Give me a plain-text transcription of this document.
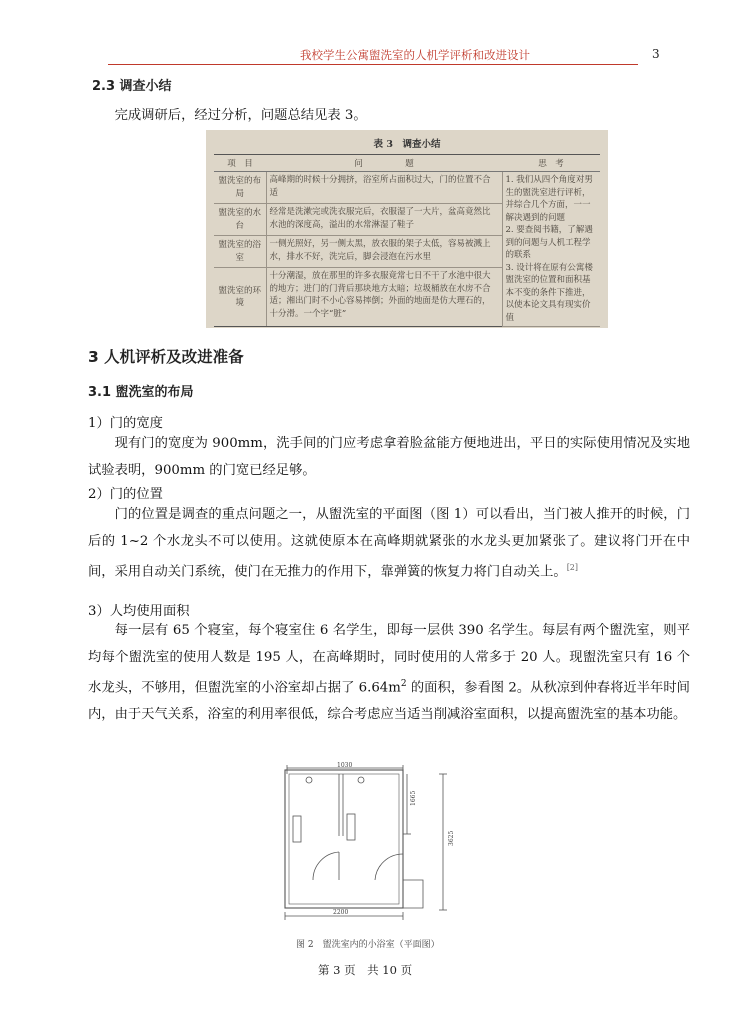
我校学生公寓盥洗室的人机学评析和改进设计	3
2.3 调查小结
完成调研后，经过分析，问题总结见表 3。
表 3　调查小结
项　目	问　　　　　题	思　考
盥洗室的布局	高峰期的时候十分拥挤，浴室所占面积过大，门的位置不合适	1. 我们从四个角度对男生的盥洗室进行评析，并综合几个方面，一一解决遇到的问题
2. 要查阅书籍，了解遇到的问题与人机工程学的联系
3. 设计将在原有公寓楼盥洗室的位置和面积基本不变的条件下推进，以使本论文具有现实价值
盥洗室的水台	经常是洗漱完或洗衣服完后，衣服湿了一大片，盆高竟然比水池的深度高，溢出的水常淋湿了鞋子	
盥洗室的浴室	一侧光照好，另一侧太黑，放衣服的架子太低，容易被溅上水，排水不好，洗完后，脚会浸泡在污水里	
盥洗室的环境	十分潮湿，放在那里的许多衣服竟常七日不干了水池中很大的地方；进门的门背后那块地方太暗；垃圾桶放在水房不合适；湘出门时不小心容易摔倒；外面的地面是仿大理石的，十分滑。一个字“脏”	
3 人机评析及改进准备
3.1 盥洗室的布局
1）门的宽度
现有门的宽度为 900mm，洗手间的门应考虑拿着脸盆能方便地进出，平日的实际使用情况及实地试验表明，900mm 的门宽已经足够。
2）门的位置
门的位置是调查的重点问题之一，从盥洗室的平面图（图 1）可以看出，当门被人推开的时候，门后的 1~2 个水龙头不可以使用。这就使原本在高峰期就紧张的水龙头更加紧张了。建议将门开在中间，采用自动关门系统，使门在无推力的作用下，靠弹簧的恢复力将门自动关上。[2]
3）人均使用面积
每一层有 65 个寝室，每个寝室住 6 名学生，即每一层供 390 名学生。每层有两个盥洗室，则平均每个盥洗室的使用人数是 195 人，在高峰期时，同时使用的人常多于 20 人。现盥洗室只有 16 个水龙头，不够用，但盥洗室的小浴室却占据了 $6.64m^2$ 的面积，参看图 2。从秋凉到仲春将近半年时间内，由于天气关系，浴室的利用率很低，综合考虑应当适当削减浴室面积，以提高盥洗室的基本功能。
1030
1665
3625
2200
图 2　盥洗室内的小浴室（平面图）
第 3 页　共 10 页
